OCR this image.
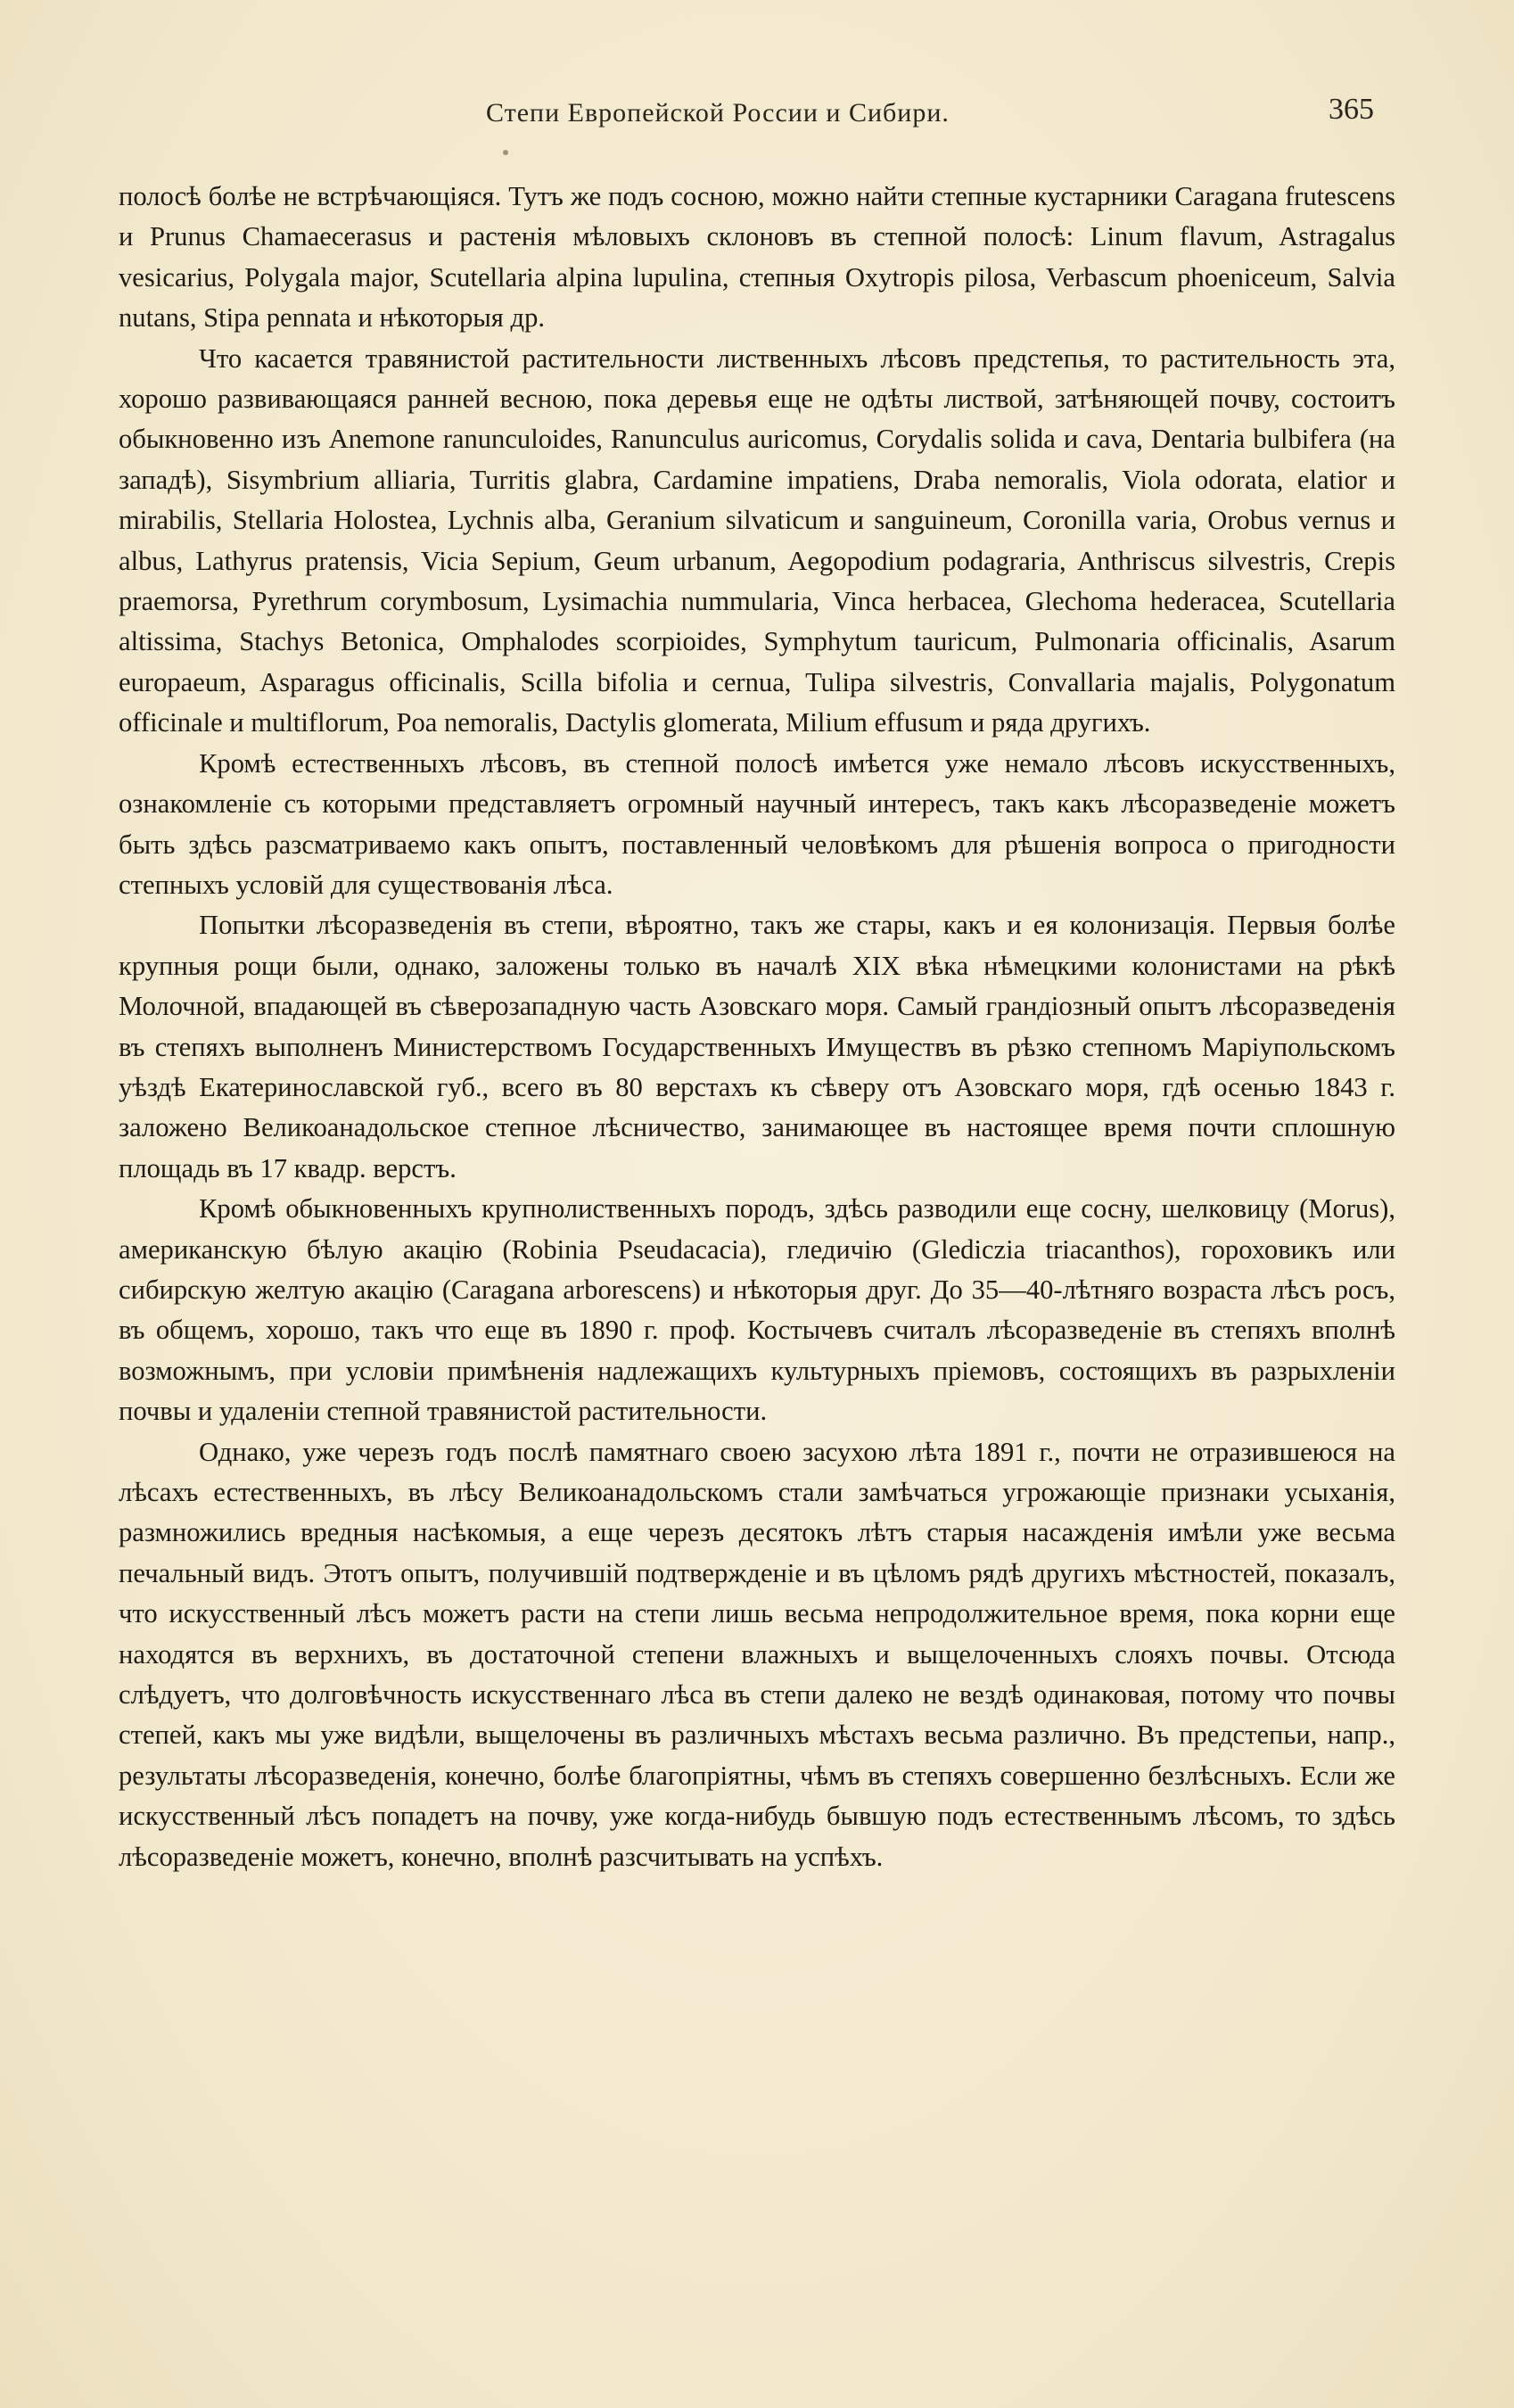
Степи Европейской России и Сибири.	365

полосѣ болѣе не встрѣчающіяся. Тутъ же подъ сосною, можно найти степные кустарники Caragana frutescens и Prunus Chamaecerasus и растенія мѣловыхъ склоновъ въ степной полосѣ: Linum flavum, Astragalus vesicarius, Polygala major, Scutellaria alpina lupulina, степныя Oxytropis pilosa, Verbascum phoeniceum, Salvia nutans, Stipa pennata и нѣкоторыя др.

Что касается травянистой растительности лиственныхъ лѣсовъ предстепья, то растительность эта, хорошо развивающаяся ранней весною, пока деревья еще не одѣты листвой, затѣняющей почву, состоитъ обыкновенно изъ Anemone ranunculoides, Ranunculus auricomus, Corydalis solida и cava, Dentaria bulbifera (на западѣ), Sisymbrium alliaria, Turritis glabra, Cardamine impatiens, Draba nemoralis, Viola odorata, elatior и mirabilis, Stellaria Holostea, Lychnis alba, Geranium silvaticum и sanguineum, Coronilla varia, Orobus vernus и albus, Lathyrus pratensis, Vicia Sepium, Geum urbanum, Aegopodium podagraria, Anthriscus silvestris, Crepis praemorsa, Pyrethrum corymbosum, Lysimachia nummularia, Vinca herbacea, Glechoma hederacea, Scutellaria altissima, Stachys Betonica, Omphalodes scorpioides, Symphytum tauricum, Pulmonaria officinalis, Asarum europaeum, Asparagus officinalis, Scilla bifolia и cernua, Tulipa silvestris, Convallaria majalis, Polygonatum officinale и multiflorum, Poa nemoralis, Dactylis glomerata, Milium effusum и ряда другихъ.

Кромѣ естественныхъ лѣсовъ, въ степной полосѣ имѣется уже немало лѣсовъ искусственныхъ, ознакомленіе съ которыми представляетъ огромный научный интересъ, такъ какъ лѣсоразведеніе можетъ быть здѣсь разсматриваемо какъ опытъ, поставленный человѣкомъ для рѣшенія вопроса о пригодности степныхъ условій для существованія лѣса.

Попытки лѣсоразведенія въ степи, вѣроятно, такъ же стары, какъ и ея колонизація. Первыя болѣе крупныя рощи были, однако, заложены только въ началѣ XIX вѣка нѣмецкими колонистами на рѣкѣ Молочной, впадающей въ сѣверозападную часть Азовскаго моря. Самый грандіозный опытъ лѣсоразведенія въ степяхъ выполненъ Министерствомъ Государственныхъ Имуществъ въ рѣзко степномъ Маріупольскомъ уѣздѣ Екатеринославской губ., всего въ 80 верстахъ къ сѣверу отъ Азовскаго моря, гдѣ осенью 1843 г. заложено Великоанадольское степное лѣсничество, занимающее въ настоящее время почти сплошную площадь въ 17 квадр. верстъ.

Кромѣ обыкновенныхъ крупнолиственныхъ породъ, здѣсь разводили еще сосну, шелковицу (Morus), американскую бѣлую акацію (Robinia Pseudacacia), гледичію (Glediczia triacanthos), гороховикъ или сибирскую желтую акацію (Caragana arborescens) и нѣкоторыя друг. До 35—40-лѣтняго возраста лѣсъ росъ, въ общемъ, хорошо, такъ что еще въ 1890 г. проф. Костычевъ считалъ лѣсоразведеніе въ степяхъ вполнѣ возможнымъ, при условіи примѣненія надлежащихъ культурныхъ пріемовъ, состоящихъ въ разрыхленіи почвы и удаленіи степной травянистой растительности.

Однако, уже черезъ годъ послѣ памятнаго своею засухою лѣта 1891 г., почти не отразившеюся на лѣсахъ естественныхъ, въ лѣсу Великоанадольскомъ стали замѣчаться угрожающіе признаки усыханія, размножились вредныя насѣкомыя, а еще черезъ десятокъ лѣтъ старыя насажденія имѣли уже весьма печальный видъ. Этотъ опытъ, получившій подтвержденіе и въ цѣломъ рядѣ другихъ мѣстностей, показалъ, что искусственный лѣсъ можетъ расти на степи лишь весьма непродолжительное время, пока корни еще находятся въ верхнихъ, въ достаточной степени влажныхъ и выщелоченныхъ слояхъ почвы. Отсюда слѣдуетъ, что долговѣчность искусственнаго лѣса въ степи далеко не вездѣ одинаковая, потому что почвы степей, какъ мы уже видѣли, выщелочены въ различныхъ мѣстахъ весьма различно. Въ предстепьи, напр., результаты лѣсоразведенія, конечно, болѣе благопріятны, чѣмъ въ степяхъ совершенно безлѣсныхъ. Если же искусственный лѣсъ попадетъ на почву, уже когда-нибудь бывшую подъ естественнымъ лѣсомъ, то здѣсь лѣсоразведеніе можетъ, конечно, вполнѣ разсчитывать на успѣхъ.
